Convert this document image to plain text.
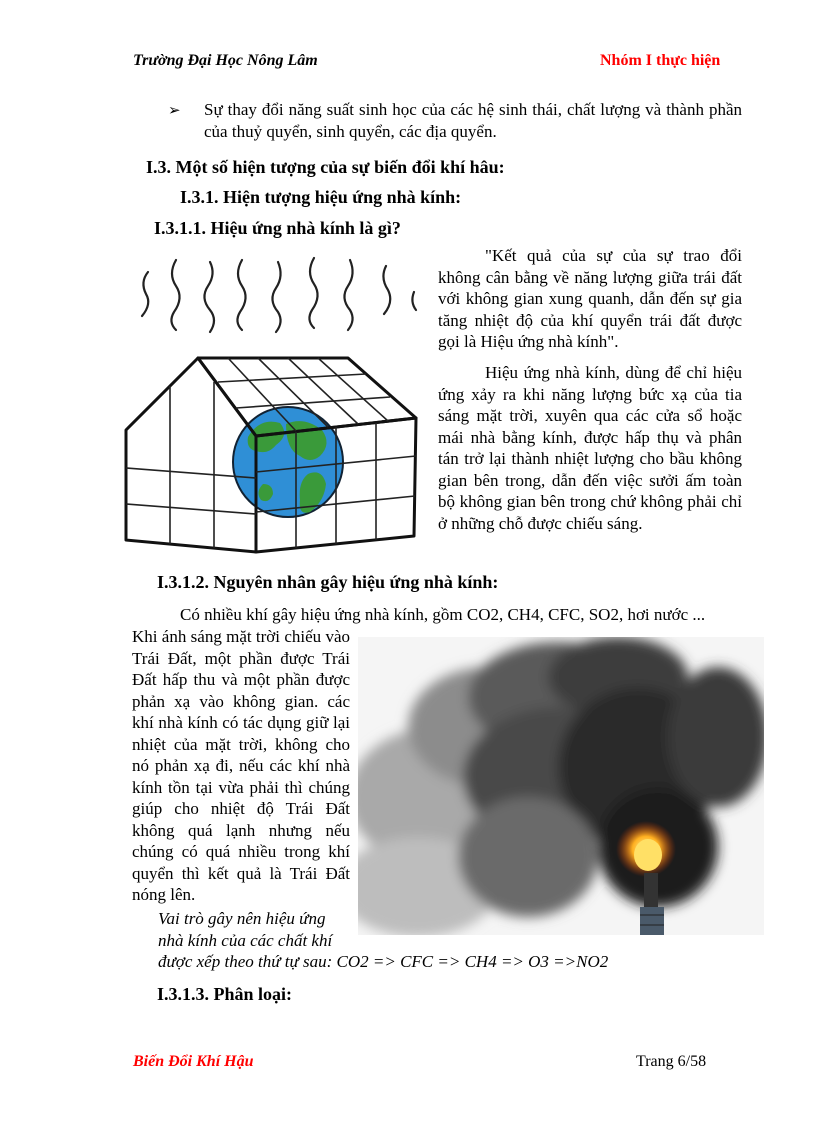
Trường Đại Học Nông Lâm	Nhóm I thực hiện
➢ Sự thay đổi năng suất sinh học của các hệ sinh thái, chất lượng và thành phần của thuỷ quyển, sinh quyển, các địa quyển.
I.3. Một số hiện tượng của sự biến đổi khí hâu:
I.3.1. Hiện tượng hiệu ứng nhà kính:
I.3.1.1. Hiệu ứng nhà kính là gì?
"Kết quả của sự của sự trao đổi không cân bằng về năng lượng giữa trái đất với không gian xung quanh, dẫn đến sự gia tăng nhiệt độ của khí quyển trái đất được gọi là Hiệu ứng nhà kính".
Hiệu ứng nhà kính, dùng để chỉ hiệu ứng xảy ra khi năng lượng bức xạ của tia sáng mặt trời, xuyên qua các cửa sổ hoặc mái nhà bằng kính, được hấp thụ và phân tán trở lại thành nhiệt lượng cho bầu không gian bên trong, dẫn đến việc sưởi ấm toàn bộ không gian bên trong chứ không phải chỉ ở những chỗ được chiếu sáng.
I.3.1.2. Nguyên nhân gây hiệu ứng nhà kính:
Có nhiều khí gây hiệu ứng nhà kính, gồm CO2, CH4, CFC, SO2, hơi nước ...
Khi ánh sáng mặt trời chiếu vào Trái Đất, một phần được Trái Đất hấp thu và một phần được phản xạ vào không gian. các khí nhà kính có tác dụng giữ lại nhiệt của mặt trời, không cho nó phản xạ đi, nếu các khí nhà kính tồn tại vừa phải thì chúng giúp cho nhiệt độ Trái Đất không quá lạnh nhưng nếu chúng có quá nhiều trong khí quyển thì kết quả là Trái Đất nóng lên.
Vai trò gây nên hiệu ứng
nhà kính của các chất khí
được xếp theo thứ tự sau: CO2 => CFC => CH4 => O3 =>NO2
I.3.1.3. Phân loại:
Biến Đổi Khí Hậu	Trang 6/58
